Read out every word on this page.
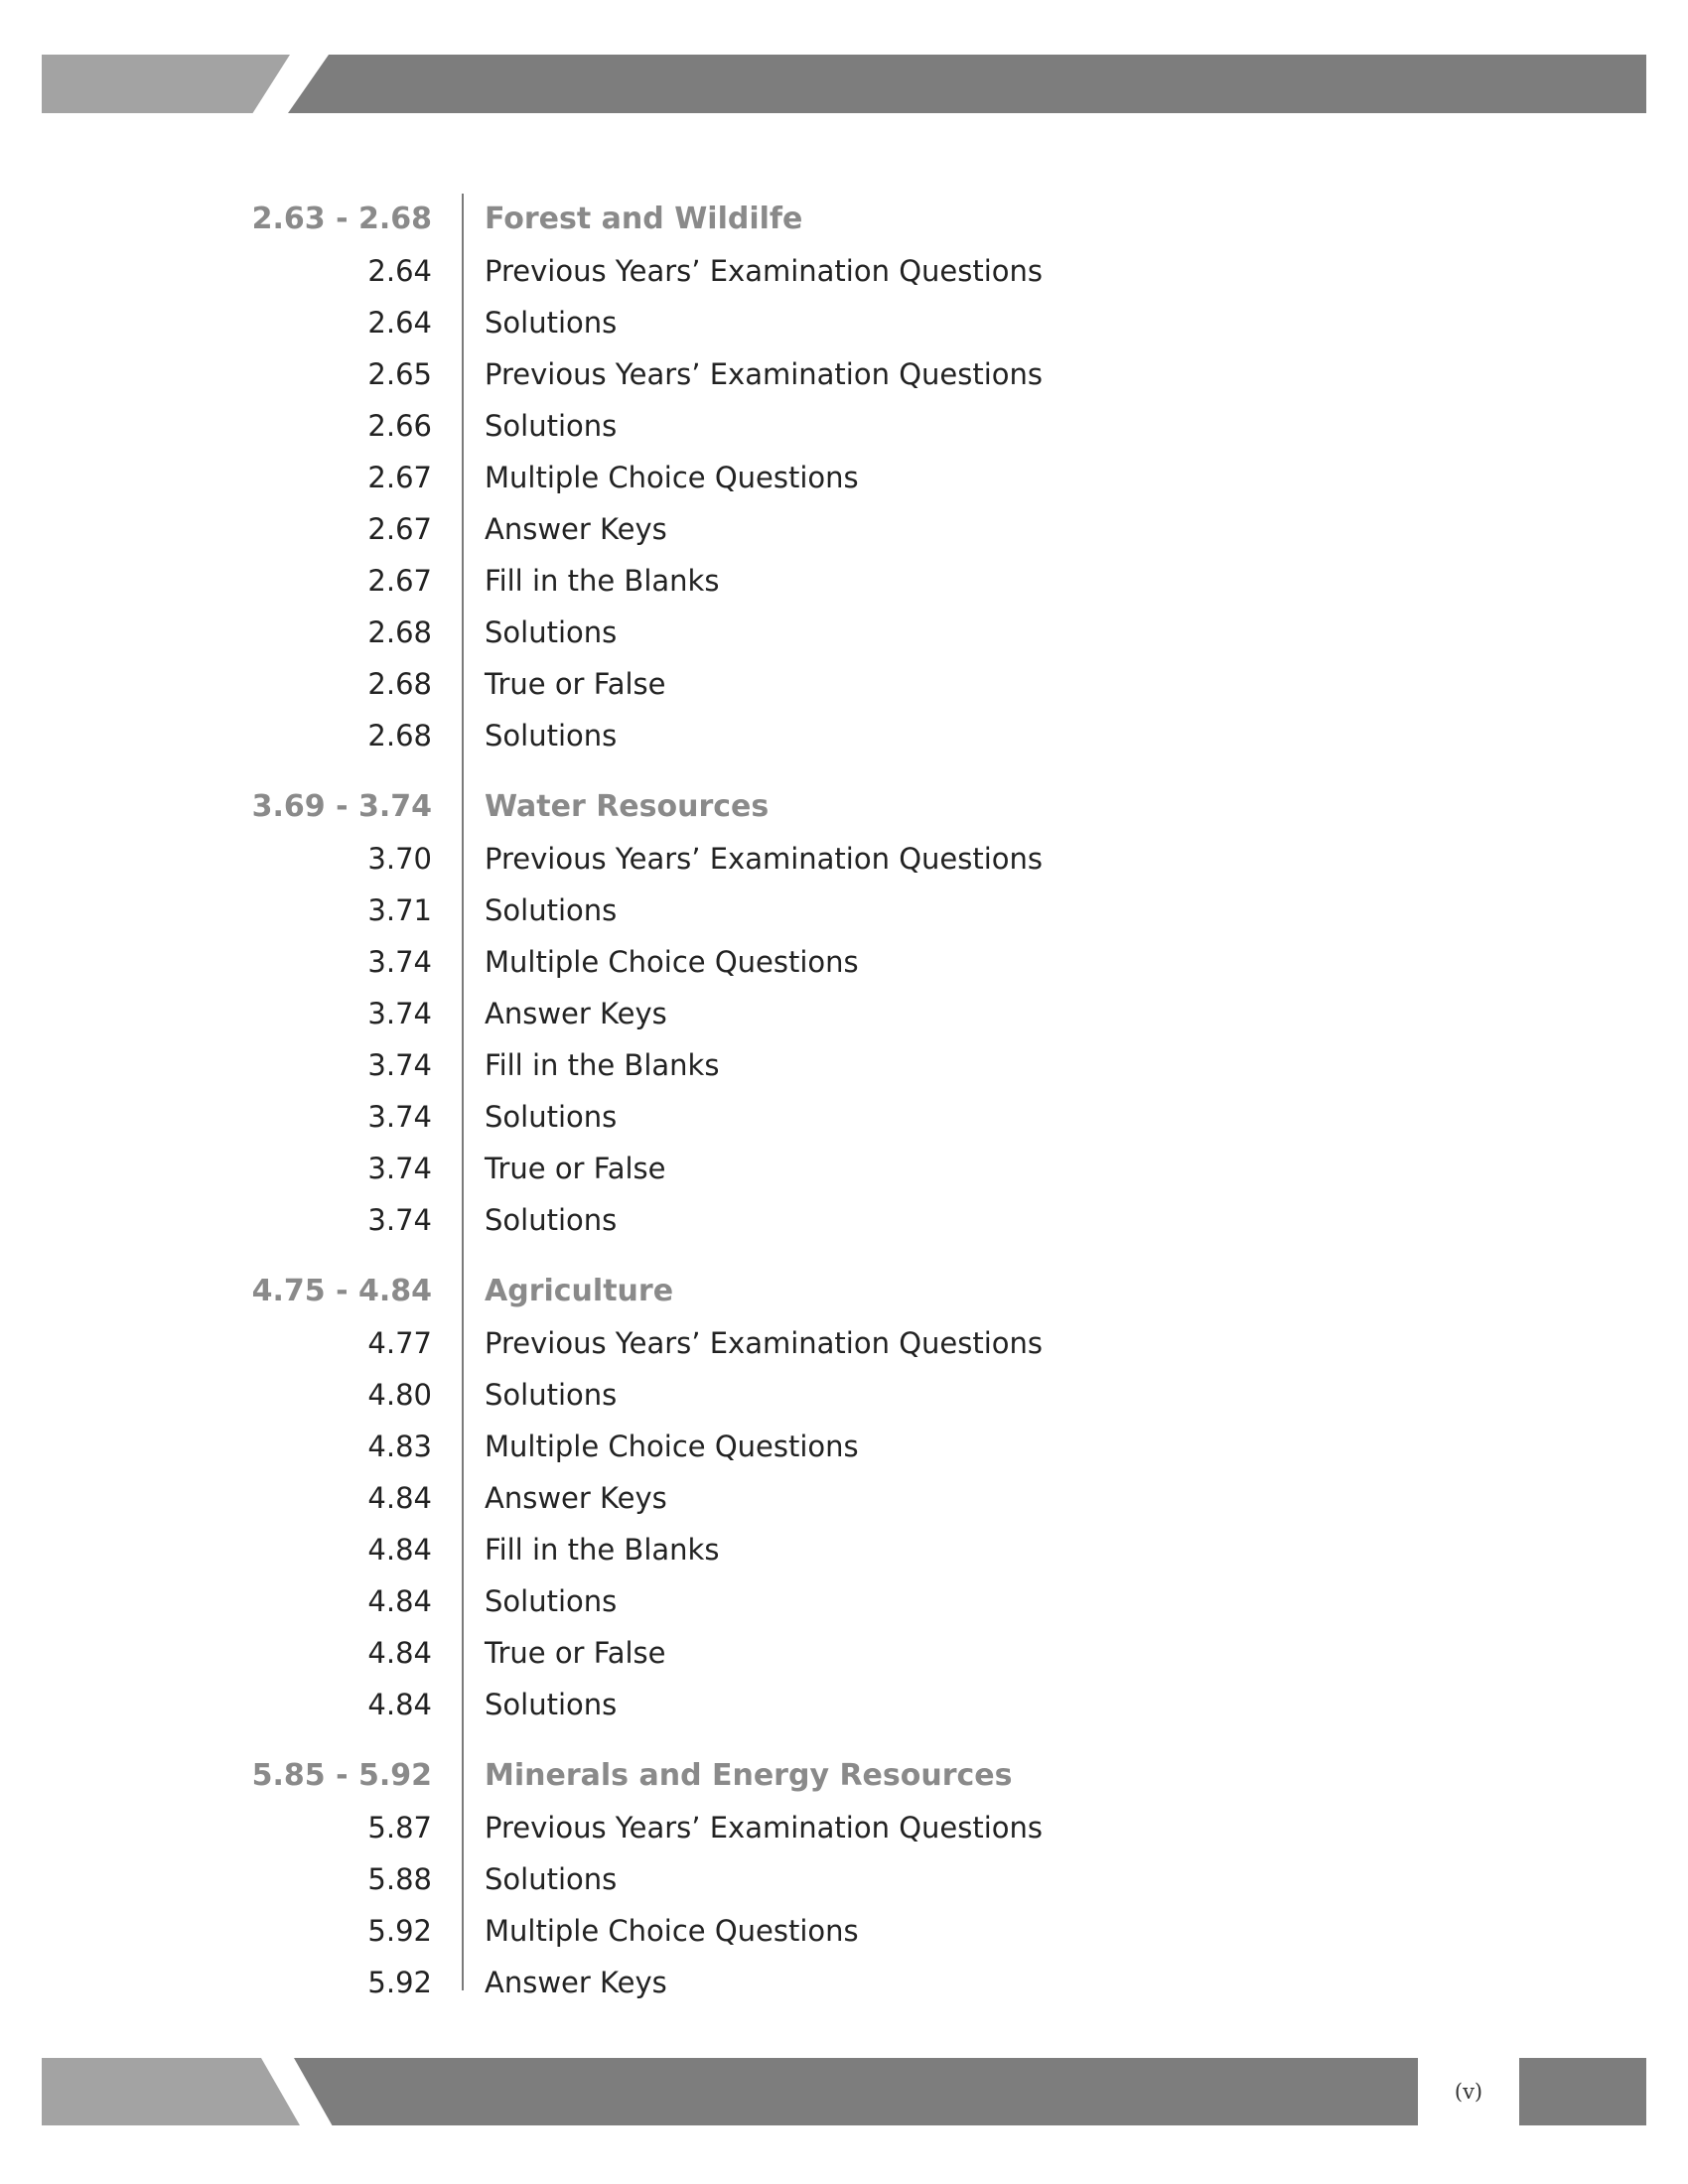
2.63 - 2.68 Forest and Wildilfe
2.64 Previous Years’ Examination Questions
2.64 Solutions
2.65 Previous Years’ Examination Questions
2.66 Solutions
2.67 Multiple Choice Questions
2.67 Answer Keys
2.67 Fill in the Blanks
2.68 Solutions
2.68 True or False
2.68 Solutions
3.69 - 3.74 Water Resources
3.70 Previous Years’ Examination Questions
3.71 Solutions
3.74 Multiple Choice Questions
3.74 Answer Keys
3.74 Fill in the Blanks
3.74 Solutions
3.74 True or False
3.74 Solutions
4.75 - 4.84 Agriculture
4.77 Previous Years’ Examination Questions
4.80 Solutions
4.83 Multiple Choice Questions
4.84 Answer Keys
4.84 Fill in the Blanks
4.84 Solutions
4.84 True or False
4.84 Solutions
5.85 - 5.92 Minerals and Energy Resources
5.87 Previous Years’ Examination Questions
5.88 Solutions
5.92 Multiple Choice Questions
5.92 Answer Keys
(v)
